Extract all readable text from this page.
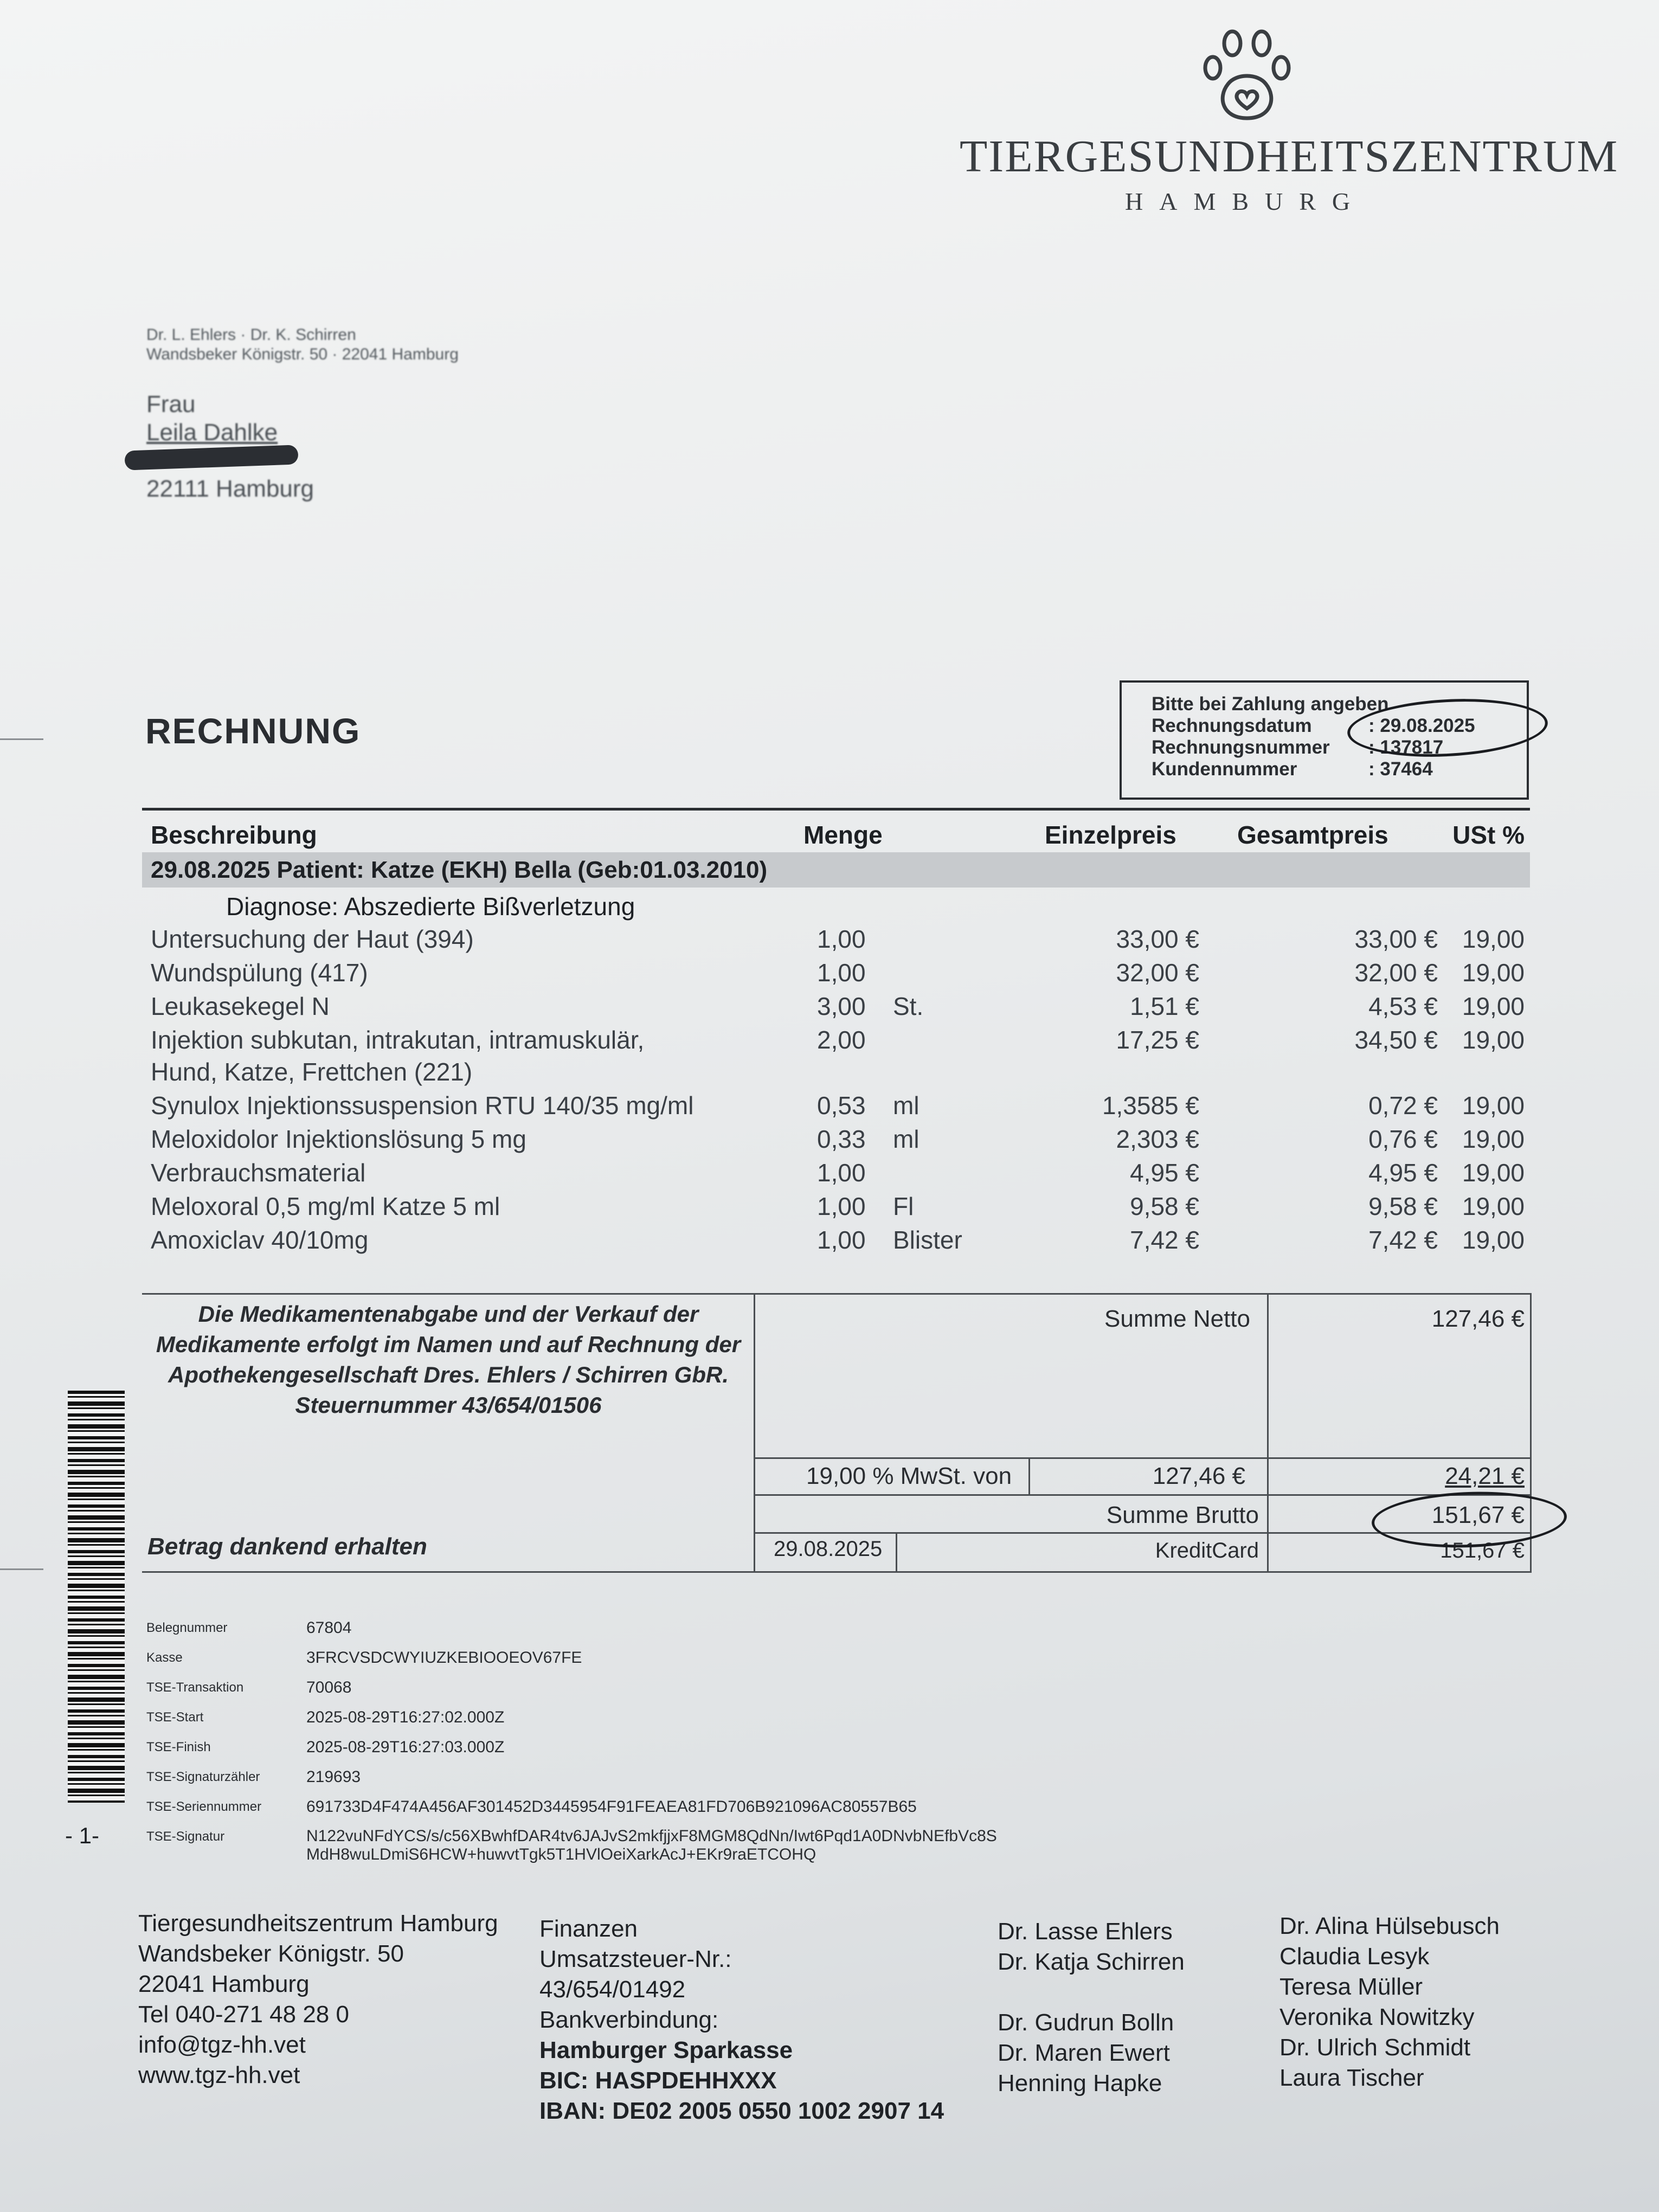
TIERGESUNDHEITSZENTRUM
HAMBURG
Dr. L. Ehlers · Dr. K. Schirren
Wandsbeker Königstr. 50 · 22041 Hamburg
Frau
Leila Dahlke
22111 Hamburg
RECHNUNG
Bitte bei Zahlung angeben
Rechnungsdatum	: 29.08.2025
Rechnungsnummer	: 137817
Kundennummer	: 37464
Beschreibung	Menge	Einzelpreis Gesamtpreis	USt %
29.08.2025 Patient: Katze (EKH) Bella (Geb:01.03.2010)
Diagnose: Abszedierte Bißverletzung
Untersuchung der Haut (394)	1,00	33,00 €	33,00 € 19,00
Wundspülung (417)	1,00	32,00 €	32,00 € 19,00
Leukasekegel N	3,00 St.	1,51 €	4,53 € 19,00
Injektion subkutan, intrakutan, intramuskulär,	2,00	17,25 €	34,50 € 19,00
Hund, Katze, Frettchen (221)
Synulox Injektionssuspension RTU 140/35 mg/ml	0,53 ml	1,3585 €	0,72 € 19,00
Meloxidolor Injektionslösung 5 mg	0,33 ml	2,303 €	0,76 € 19,00
Verbrauchsmaterial	1,00	4,95 €	4,95 € 19,00
Meloxoral 0,5 mg/ml Katze 5 ml	1,00 Fl	9,58 €	9,58 € 19,00
Amoxiclav 40/10mg	1,00 Blister	7,42 €	7,42 € 19,00
Die Medikamentenabgabe und der Verkauf der Medikamente erfolgt im Namen und auf Rechnung der Apothekengesellschaft Dres. Ehlers / Schirren GbR. Steuernummer 43/654/01506
Summe Netto	127,46 €
19,00 % MwSt. von	127,46 €	24,21 €
Summe Brutto	151,67 €
Betrag dankend erhalten	29.08.2025	KreditCard	151,67 €
- 1-
Belegnummer	67804
Kasse	3FRCVSDCWYIUZKEBIOOEOV67FE
TSE-Transaktion	70068
TSE-Start	2025-08-29T16:27:02.000Z
TSE-Finish	2025-08-29T16:27:03.000Z
TSE-Signaturzähler	219693
TSE-Seriennummer	691733D4F474A456AF301452D3445954F91FEAEA81FD706B921096AC80557B65
TSE-Signatur	N122vuNFdYCS/s/c56XBwhfDAR4tv6JAJvS2mkfjjxF8MGM8QdNn/Iwt6Pqd1A0DNvbNEfbVc8S
MdH8wuLDmiS6HCW+huwvtTgk5T1HVlOeiXarkAcJ+EKr9raETCOHQ
Tiergesundheitszentrum Hamburg
Wandsbeker Königstr. 50
22041 Hamburg
Tel 040-271 48 28 0
info@tgz-hh.vet
www.tgz-hh.vet
Finanzen
Umsatzsteuer-Nr.:
43/654/01492
Bankverbindung:
Hamburger Sparkasse
BIC: HASPDEHHXXX
IBAN: DE02 2005 0550 1002 2907 14
Dr. Lasse Ehlers
Dr. Katja Schirren
Dr. Gudrun Bolln
Dr. Maren Ewert
Henning Hapke
Dr. Alina Hülsebusch
Claudia Lesyk
Teresa Müller
Veronika Nowitzky
Dr. Ulrich Schmidt
Laura Tischer
